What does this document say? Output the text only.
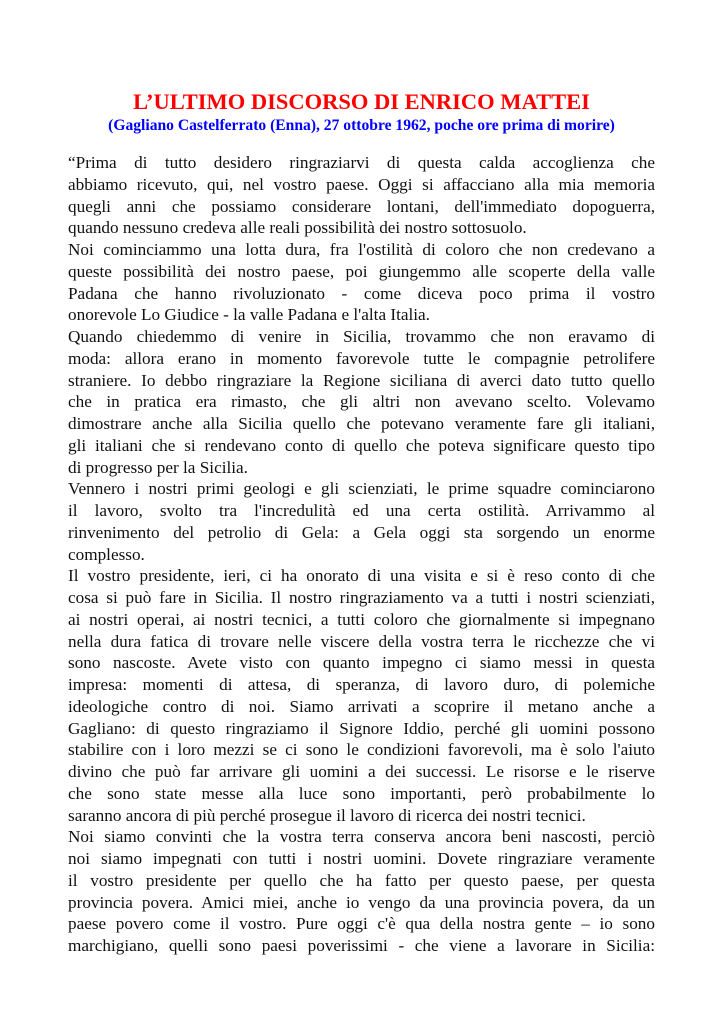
L’ULTIMO DISCORSO DI ENRICO MATTEI
(Gagliano Castelferrato (Enna), 27 ottobre 1962, poche ore prima di morire)

“Prima di tutto desidero ringraziarvi di questa calda accoglienza che
abbiamo ricevuto, qui, nel vostro paese. Oggi si affacciano alla mia memoria
quegli anni che possiamo considerare lontani, dell'immediato dopoguerra,
quando nessuno credeva alle reali possibilità dei nostro sottosuolo.

Noi cominciammo una lotta dura, fra l'ostilità di coloro che non credevano a
queste possibilità dei nostro paese, poi giungemmo alle scoperte della valle
Padana che hanno rivoluzionato - come diceva poco prima il vostro
onorevole Lo Giudice - la valle Padana e l'alta Italia.

Quando chiedemmo di venire in Sicilia, trovammo che non eravamo di
moda: allora erano in momento favorevole tutte le compagnie petrolifere
straniere. Io debbo ringraziare la Regione siciliana di averci dato tutto quello
che in pratica era rimasto, che gli altri non avevano scelto. Volevamo
dimostrare anche alla Sicilia quello che potevano veramente fare gli italiani,
gli italiani che si rendevano conto di quello che poteva significare questo tipo
di progresso per la Sicilia.

Vennero i nostri primi geologi e gli scienziati, le prime squadre cominciarono
il lavoro, svolto tra l'incredulità ed una certa ostilità. Arrivammo al
rinvenimento del petrolio di Gela: a Gela oggi sta sorgendo un enorme
complesso.

Il vostro presidente, ieri, ci ha onorato di una visita e si è reso conto di che
cosa si può fare in Sicilia. Il nostro ringraziamento va a tutti i nostri scienziati,
ai nostri operai, ai nostri tecnici, a tutti coloro che giornalmente si impegnano
nella dura fatica di trovare nelle viscere della vostra terra le ricchezze che vi
sono nascoste. Avete visto con quanto impegno ci siamo messi in questa
impresa: momenti di attesa, di speranza, di lavoro duro, di polemiche
ideologiche contro di noi. Siamo arrivati a scoprire il metano anche a
Gagliano: di questo ringraziamo il Signore Iddio, perché gli uomini possono
stabilire con i loro mezzi se ci sono le condizioni favorevoli, ma è solo l'aiuto
divino che può far arrivare gli uomini a dei successi. Le risorse e le riserve
che sono state messe alla luce sono importanti, però probabilmente lo
saranno ancora di più perché prosegue il lavoro di ricerca dei nostri tecnici.

Noi siamo convinti che la vostra terra conserva ancora beni nascosti, perciò
noi siamo impegnati con tutti i nostri uomini. Dovete ringraziare veramente
il vostro presidente per quello che ha fatto per questo paese, per questa
provincia povera. Amici miei, anche io vengo da una provincia povera, da un
paese povero come il vostro. Pure oggi c'è qua della nostra gente – io sono
marchigiano, quelli sono paesi poverissimi - che viene a lavorare in Sicilia:
